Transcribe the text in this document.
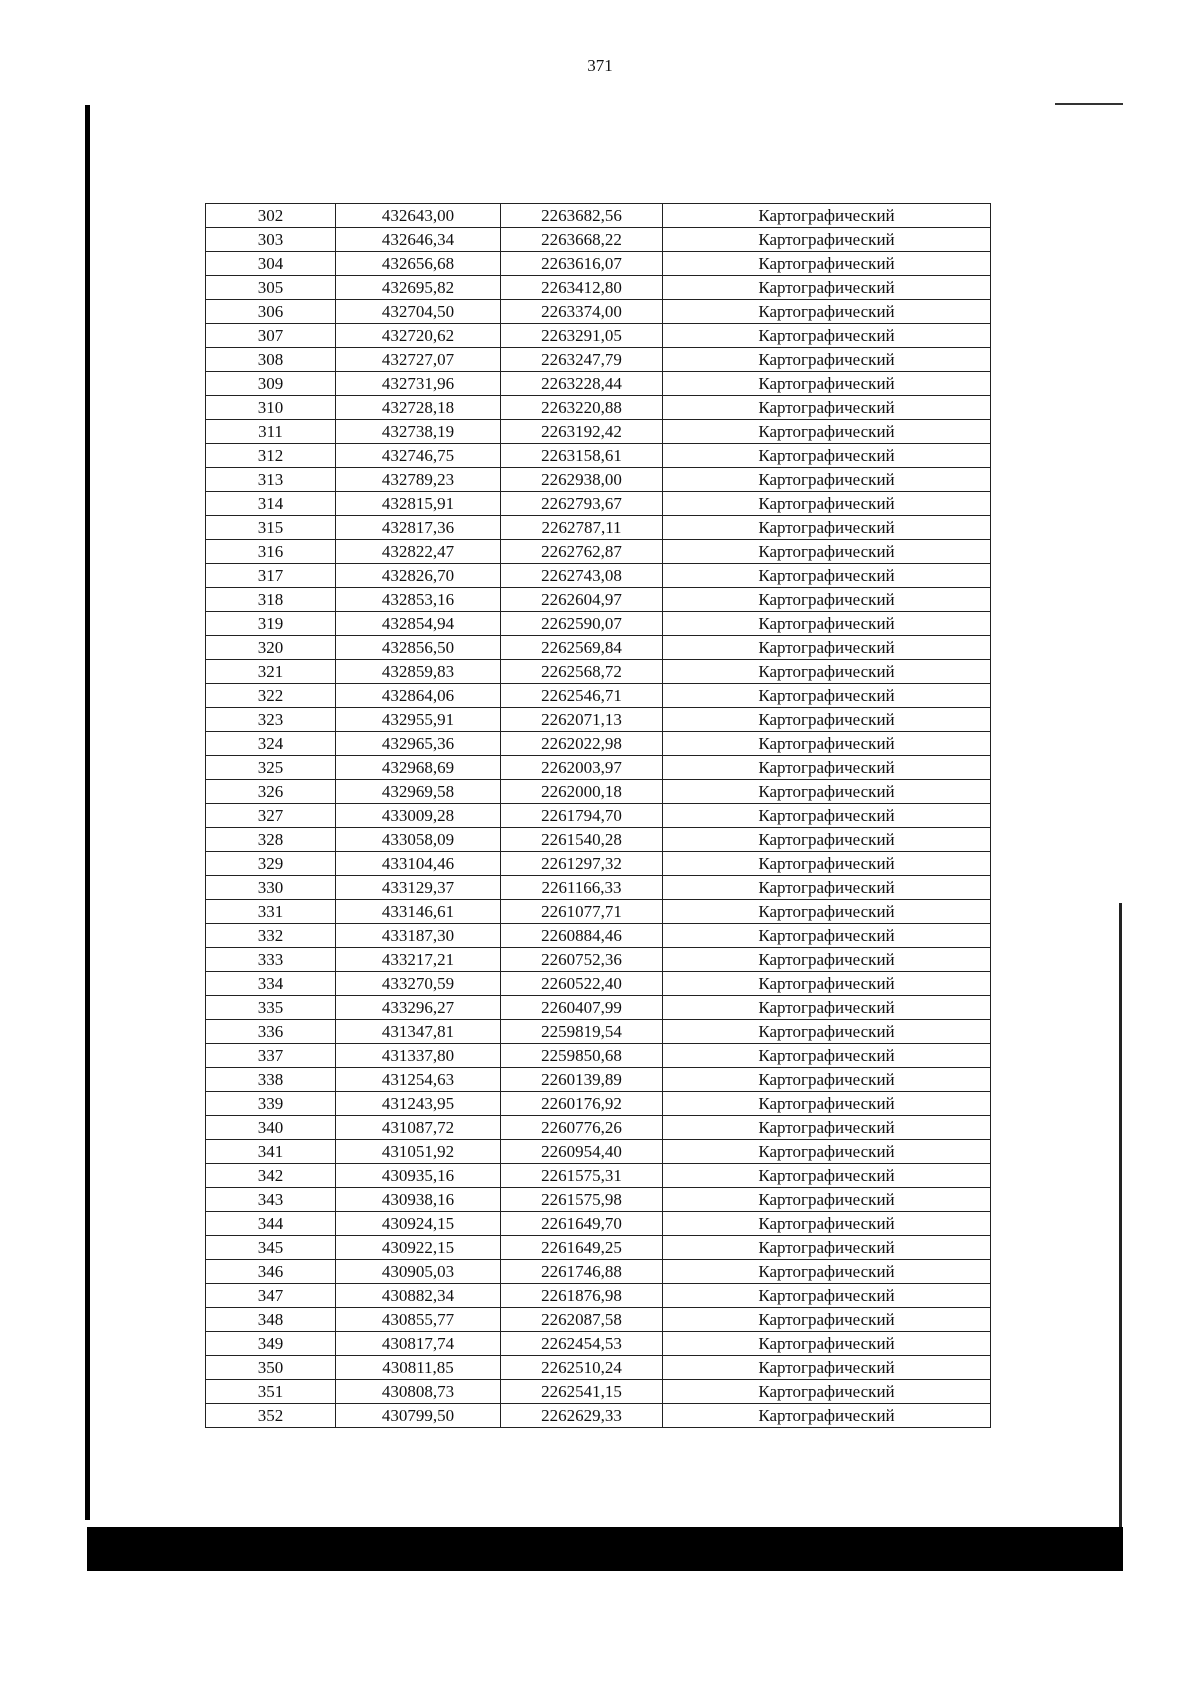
371
302	432643,00	2263682,56	Картографический
303	432646,34	2263668,22	Картографический
304	432656,68	2263616,07	Картографический
305	432695,82	2263412,80	Картографический
306	432704,50	2263374,00	Картографический
307	432720,62	2263291,05	Картографический
308	432727,07	2263247,79	Картографический
309	432731,96	2263228,44	Картографический
310	432728,18	2263220,88	Картографический
311	432738,19	2263192,42	Картографический
312	432746,75	2263158,61	Картографический
313	432789,23	2262938,00	Картографический
314	432815,91	2262793,67	Картографический
315	432817,36	2262787,11	Картографический
316	432822,47	2262762,87	Картографический
317	432826,70	2262743,08	Картографический
318	432853,16	2262604,97	Картографический
319	432854,94	2262590,07	Картографический
320	432856,50	2262569,84	Картографический
321	432859,83	2262568,72	Картографический
322	432864,06	2262546,71	Картографический
323	432955,91	2262071,13	Картографический
324	432965,36	2262022,98	Картографический
325	432968,69	2262003,97	Картографический
326	432969,58	2262000,18	Картографический
327	433009,28	2261794,70	Картографический
328	433058,09	2261540,28	Картографический
329	433104,46	2261297,32	Картографический
330	433129,37	2261166,33	Картографический
331	433146,61	2261077,71	Картографический
332	433187,30	2260884,46	Картографический
333	433217,21	2260752,36	Картографический
334	433270,59	2260522,40	Картографический
335	433296,27	2260407,99	Картографический
336	431347,81	2259819,54	Картографический
337	431337,80	2259850,68	Картографический
338	431254,63	2260139,89	Картографический
339	431243,95	2260176,92	Картографический
340	431087,72	2260776,26	Картографический
341	431051,92	2260954,40	Картографический
342	430935,16	2261575,31	Картографический
343	430938,16	2261575,98	Картографический
344	430924,15	2261649,70	Картографический
345	430922,15	2261649,25	Картографический
346	430905,03	2261746,88	Картографический
347	430882,34	2261876,98	Картографический
348	430855,77	2262087,58	Картографический
349	430817,74	2262454,53	Картографический
350	430811,85	2262510,24	Картографический
351	430808,73	2262541,15	Картографический
352	430799,50	2262629,33	Картографический
